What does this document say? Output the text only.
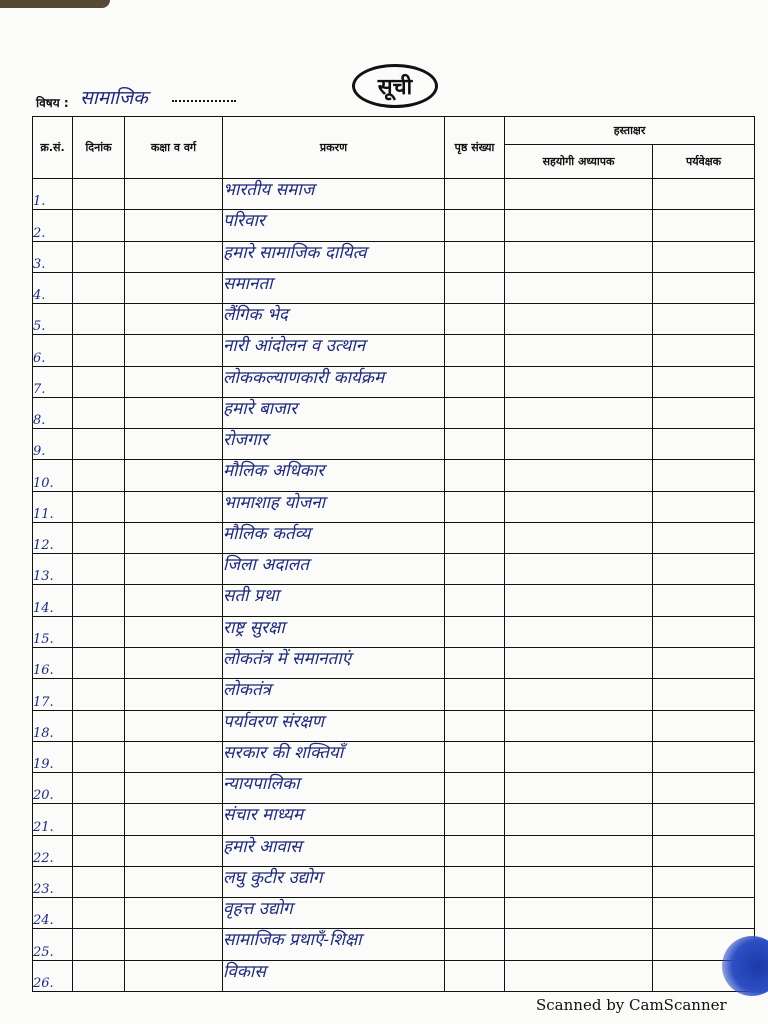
सूची
विषय : सामाजिक
क्र.सं.	दिनांक	कक्षा व वर्ग	प्रकरण	पृष्ठ संख्या	हस्ताक्षर	
					सहयोगी अध्यापक	पर्यवेक्षक
1.			भारतीय समाज			
2.			परिवार			
3.			हमारे सामाजिक दायित्व			
4.			समानता			
5.			लैंगिक भेद			
6.			नारी आंदोलन व उत्थान			
7.			लोककल्याणकारी कार्यक्रम			
8.			हमारे बाजार			
9.			रोजगार			
10.			मौलिक अधिकार			
11.			भामाशाह योजना			
12.			मौलिक कर्तव्य			
13.			जिला अदालत			
14.			सती प्रथा			
15.			राष्ट्र सुरक्षा			
16.			लोकतंत्र में समानताएं			
17.			लोकतंत्र			
18.			पर्यावरण संरक्षण			
19.			सरकार की शक्तियाँ			
20.			न्यायपालिका			
21.			संचार माध्यम			
22.			हमारे आवास			
23.			लघु कुटीर उद्योग			
24.			वृहत्त उद्योग			
25.			सामाजिक प्रथाएँ-शिक्षा			
26.			विकास			
Scanned by CamScanner
